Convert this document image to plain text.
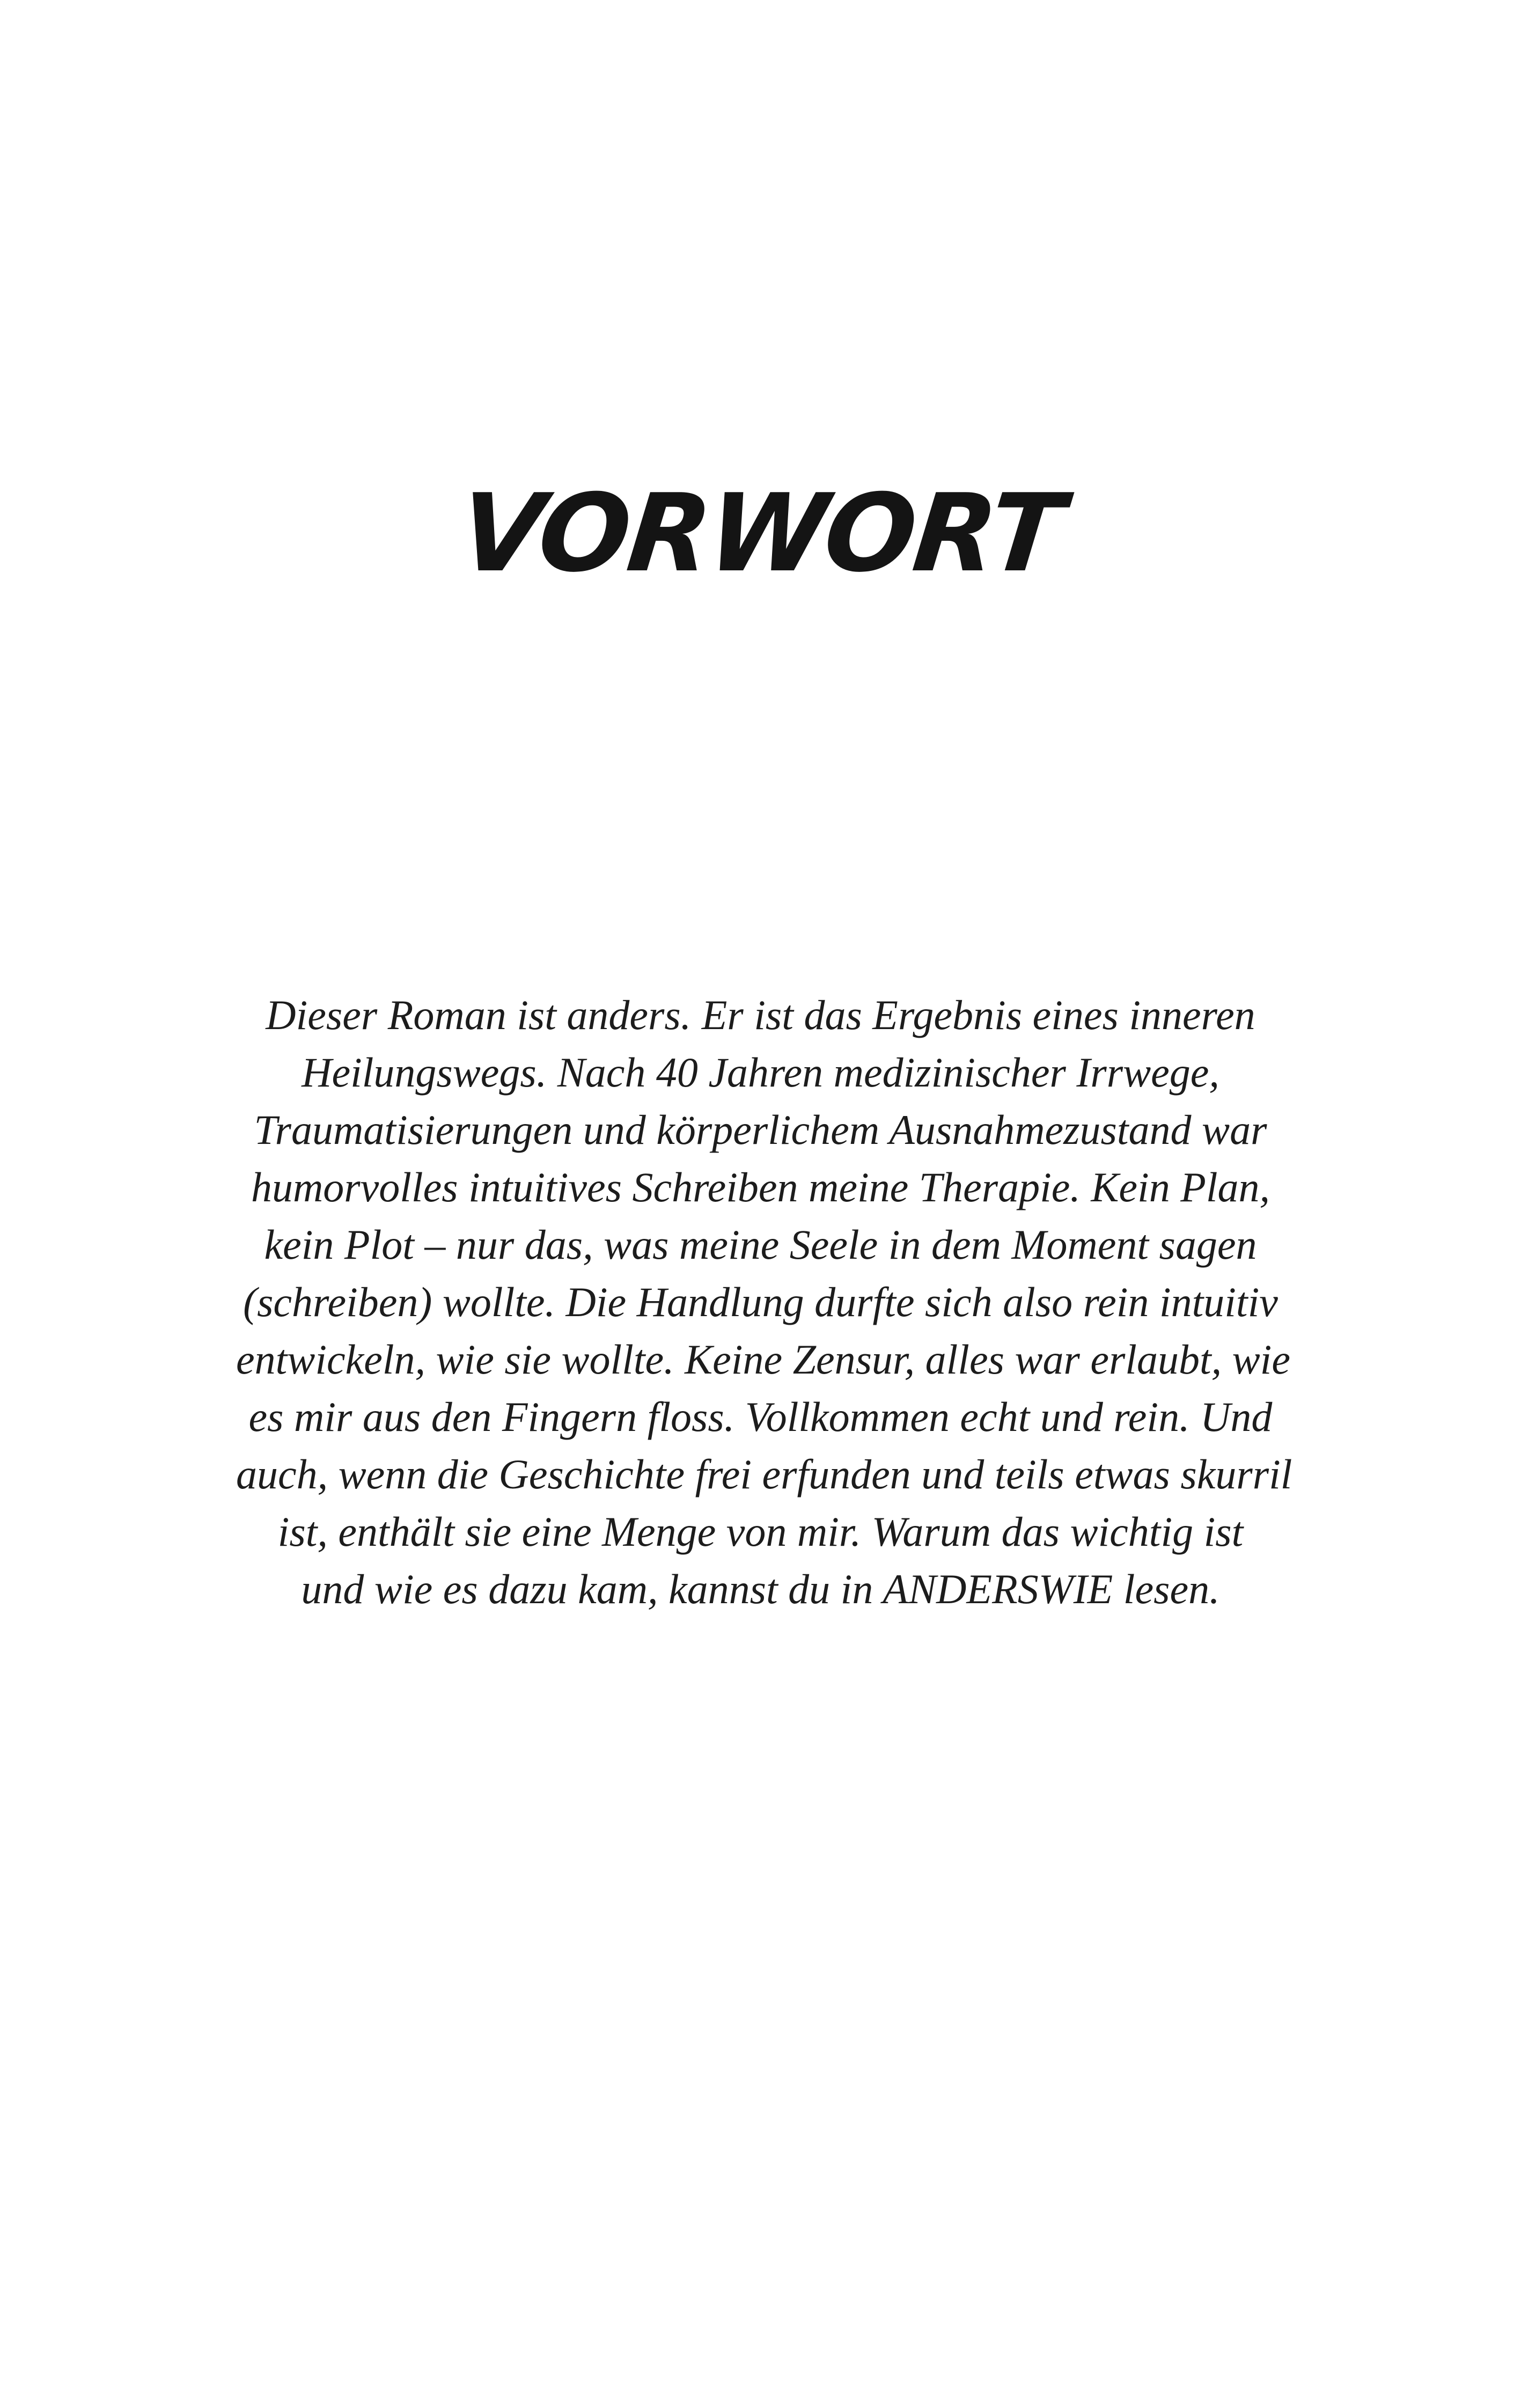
VORWORT
Dieser Roman ist anders. Er ist das Ergebnis eines inneren
Heilungswegs. Nach 40 Jahren medizinischer Irrwege,
Traumatisierungen und körperlichem Ausnahmezustand war
humorvolles intuitives Schreiben meine Therapie. Kein Plan,
kein Plot – nur das, was meine Seele in dem Moment sagen
(schreiben) wollte. Die Handlung durfte sich also rein intuitiv
entwickeln, wie sie wollte. Keine Zensur, alles war erlaubt, wie
es mir aus den Fingern floss. Vollkommen echt und rein. Und
auch, wenn die Geschichte frei erfunden und teils etwas skurril
ist, enthält sie eine Menge von mir. Warum das wichtig ist
und wie es dazu kam, kannst du in ANDERSWIE lesen.
